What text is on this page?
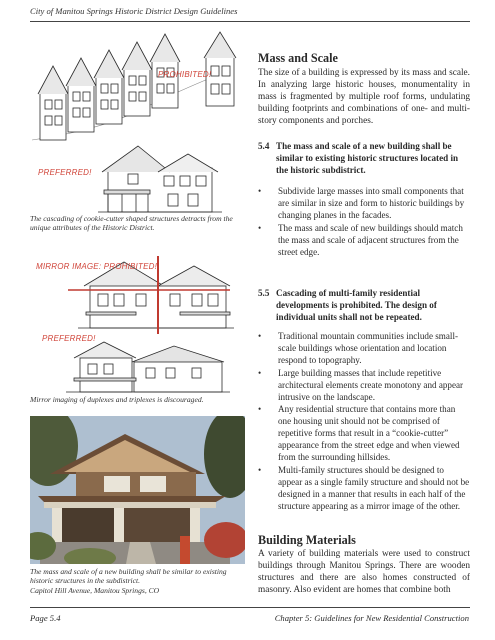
City of Manitou Springs Historic District Design Guidelines
PROHIBITED!
PREFERRED!
The cascading of cookie-cutter shaped structures detracts from the unique attributes of the Historic District.
MIRROR IMAGE: PROHIBITED!
PREFERRED!
Mirror imaging of duplexes and triplexes is discouraged.
The mass and scale of a new building shall be similar to existing
historic structures in the subdistrict.
Capitol Hill Avenue, Manitou Springs, CO
Mass and Scale
The size of a building is expressed by its mass and scale. In analyzing large historic houses, monumentality in mass is fragmented by multiple roof forms, undulating building footprints and combinations of one- and multi-story components and porches.
5.4 The mass and scale of a new building shall be similar to existing historic structures located in the historic subdistrict.
• Subdivide large masses into small components that are similar in size and form to historic buildings by changing planes in the facades.
• The mass and scale of new buildings should match the mass and scale of adjacent structures from the street edge.
5.5 Cascading of multi-family residential developments is prohibited. The design of individual units shall not be repeated.
• Traditional mountain communities include small-scale buildings whose orientation and location respond to topography.
• Large building masses that include repetitive architectural elements create monotony and appear intrusive on the landscape.
• Any residential structure that contains more than one housing unit should not be comprised of repetitive forms that result in a “cookie-cutter” appearance from the street edge and when viewed from the surrounding hillsides.
• Multi-family structures should be designed to appear as a single family structure and should not be designed in a manner that results in each half of the structure appearing as a mirror image of the other.
Building Materials
A variety of building materials were used to construct buildings through Manitou Springs. There are wooden structures and there are also homes constructed of masonry. Also evident are homes that combine both
Page 5.4	Chapter 5: Guidelines for New Residential Construction
